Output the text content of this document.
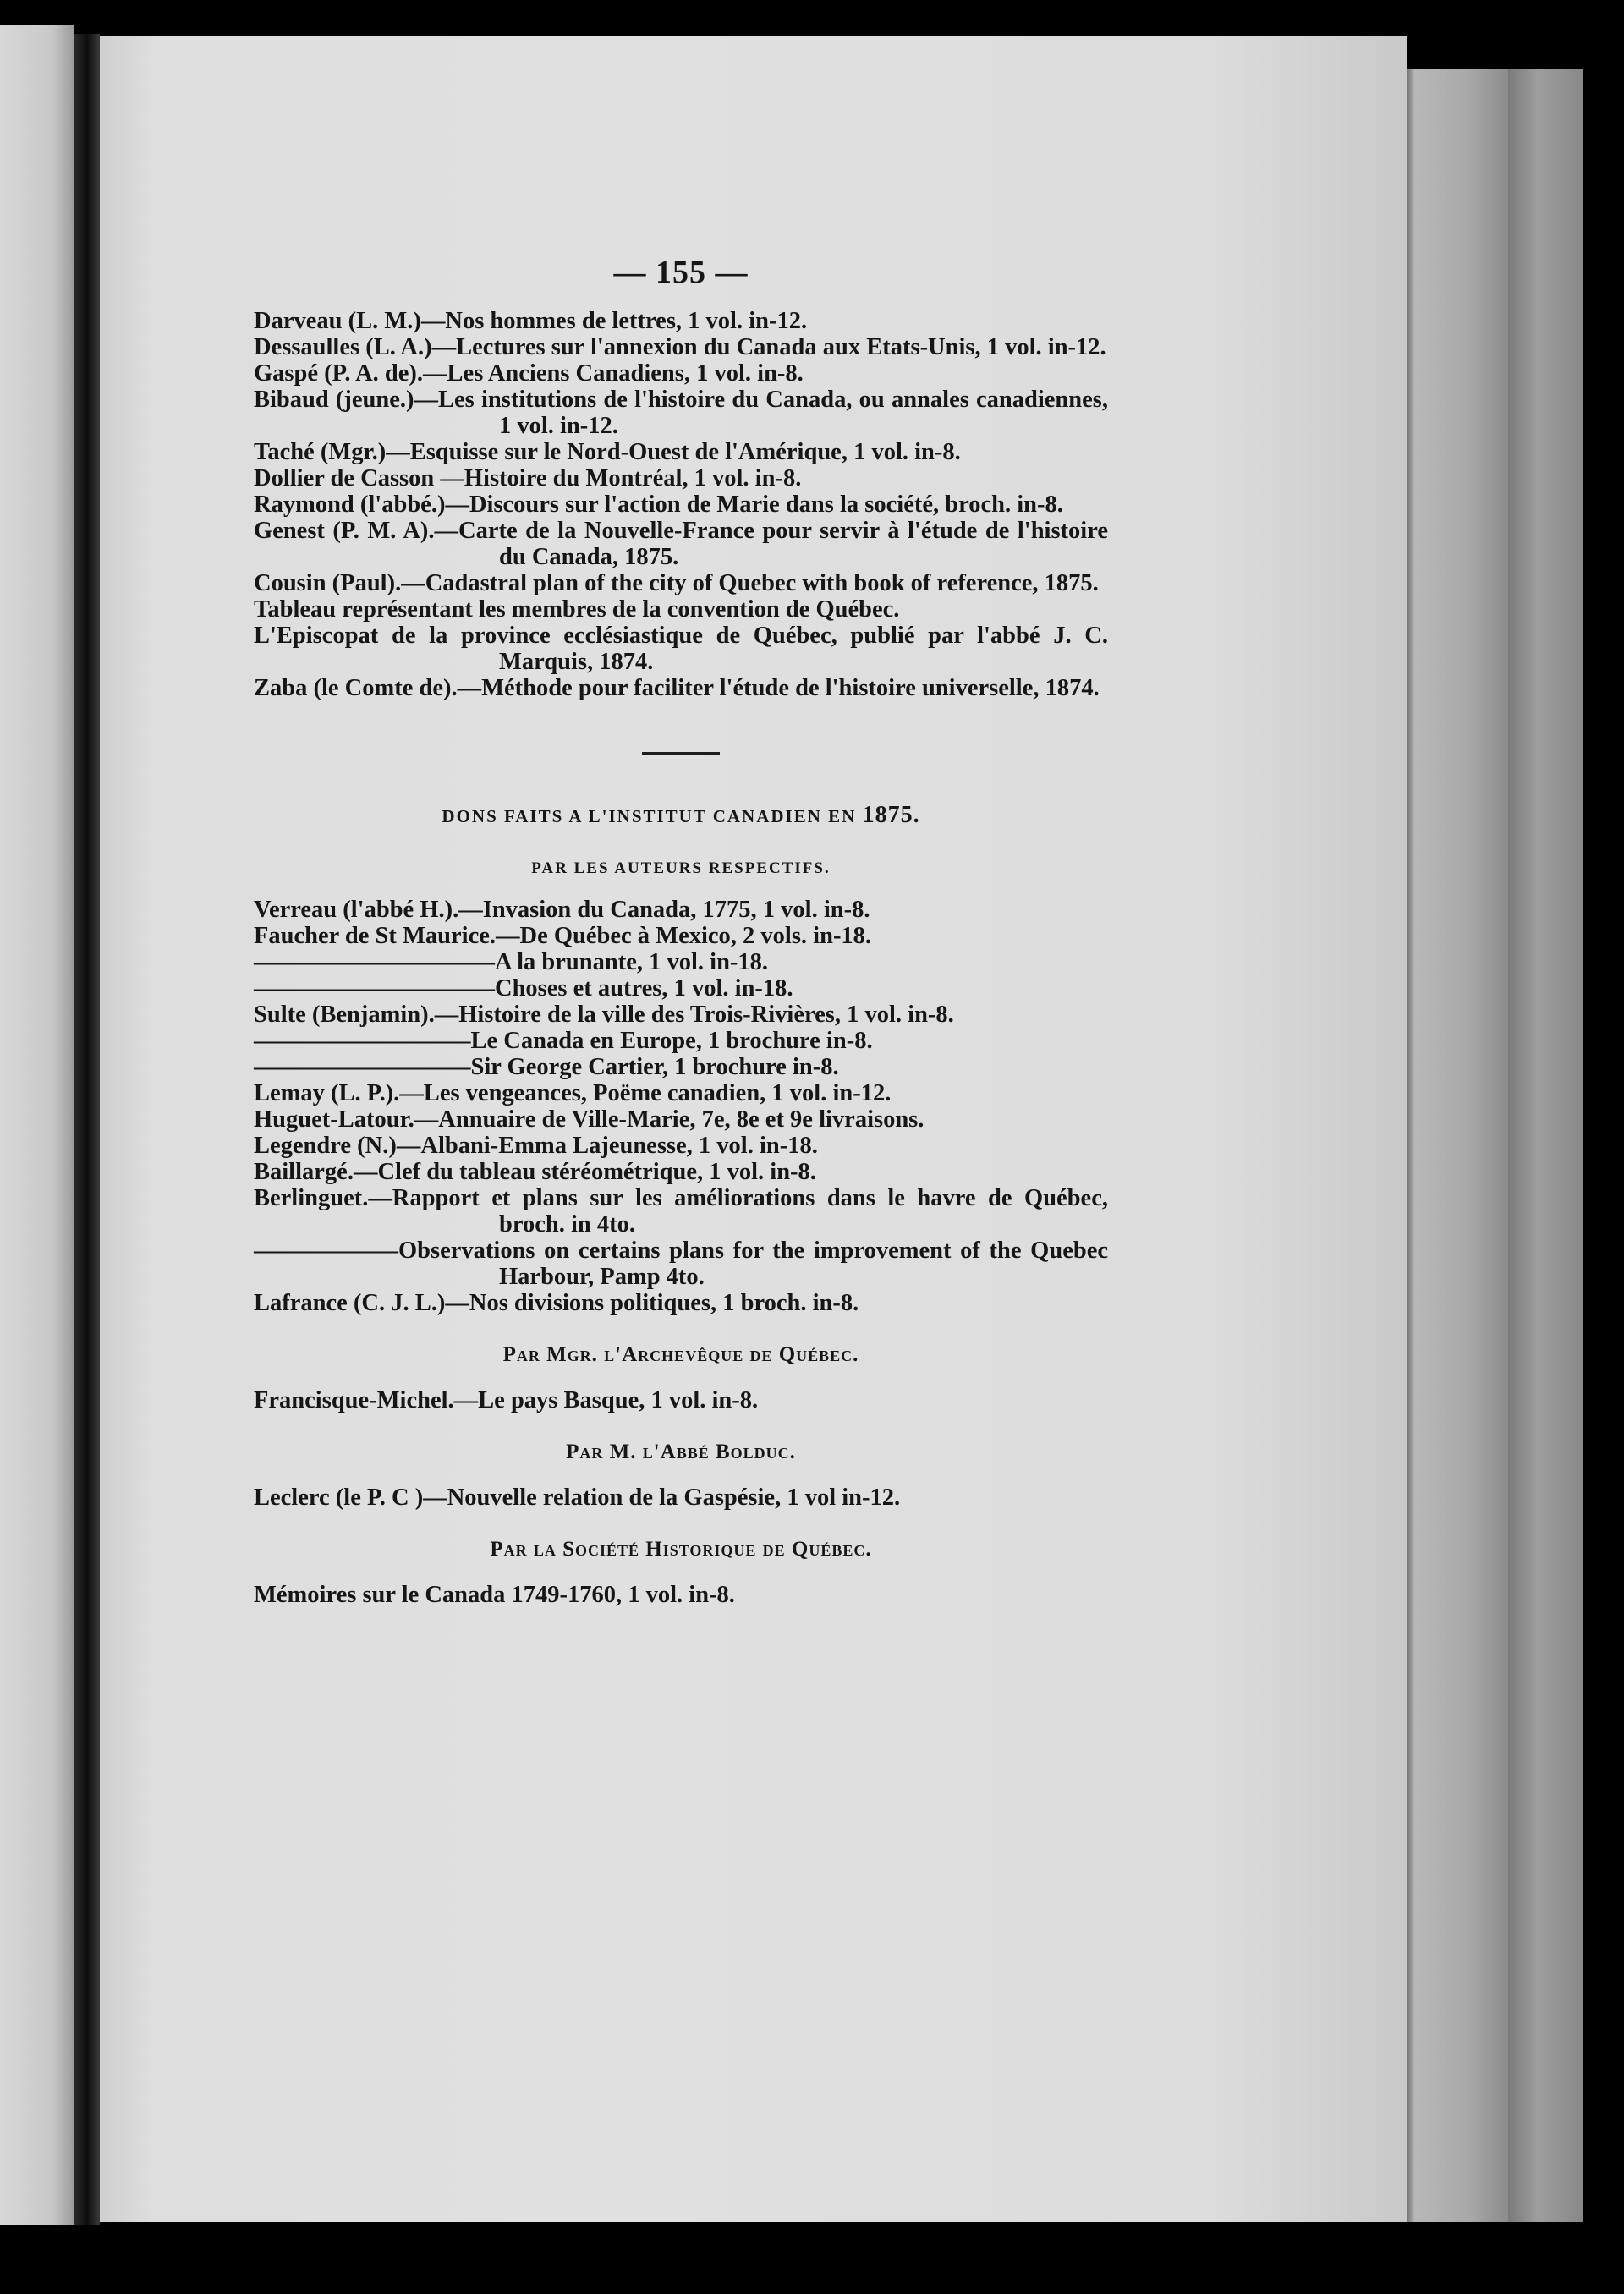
— 155 —
Darveau (L. M.)—Nos hommes de lettres, 1 vol. in-12.
Dessaulles (L. A.)—Lectures sur l'annexion du Canada aux Etats-Unis, 1 vol. in-12.
Gaspé (P. A. de).—Les Anciens Canadiens, 1 vol. in-8.
Bibaud (jeune.)—Les institutions de l'histoire du Canada, ou annales canadiennes, 1 vol. in-12.
Taché (Mgr.)—Esquisse sur le Nord-Ouest de l'Amérique, 1 vol. in-8.
Dollier de Casson —Histoire du Montréal, 1 vol. in-8.
Raymond (l'abbé.)—Discours sur l'action de Marie dans la société, broch. in-8.
Genest (P. M. A).—Carte de la Nouvelle-France pour servir à l'étude de l'histoire du Canada, 1875.
Cousin (Paul).—Cadastral plan of the city of Quebec with book of reference, 1875.
Tableau représentant les membres de la convention de Québec.
L'Episcopat de la province ecclésiastique de Québec, publié par l'abbé J. C. Marquis, 1874.
Zaba (le Comte de).—Méthode pour faciliter l'étude de l'histoire universelle, 1874.
DONS FAITS A L'INSTITUT CANADIEN EN 1875.
PAR LES AUTEURS RESPECTIFS.
Verreau (l'abbé H.).—Invasion du Canada, 1775, 1 vol. in-8.
Faucher de St Maurice.—De Québec à Mexico, 2 vols. in-18.
——————————A la brunante, 1 vol. in-18.
——————————Choses et autres, 1 vol. in-18.
Sulte (Benjamin).—Histoire de la ville des Trois-Rivières, 1 vol. in-8.
—————————Le Canada en Europe, 1 brochure in-8.
—————————Sir George Cartier, 1 brochure in-8.
Lemay (L. P.).—Les vengeances, Poëme canadien, 1 vol. in-12.
Huguet-Latour.—Annuaire de Ville-Marie, 7e, 8e et 9e livraisons.
Legendre (N.)—Albani-Emma Lajeunesse, 1 vol. in-18.
Baillargé.—Clef du tableau stéréométrique, 1 vol. in-8.
Berlinguet.—Rapport et plans sur les améliorations dans le havre de Québec, broch. in 4to.
——————Observations on certains plans for the improvement of the Quebec Harbour, Pamp 4to.
Lafrance (C. J. L.)—Nos divisions politiques, 1 broch. in-8.
Par Mgr. l'Archevêque de Québec.
Francisque-Michel.—Le pays Basque, 1 vol. in-8.
Par M. l'Abbé Bolduc.
Leclerc (le P. C )—Nouvelle relation de la Gaspésie, 1 vol in-12.
Par la Société Historique de Québec.
Mémoires sur le Canada 1749-1760, 1 vol. in-8.
